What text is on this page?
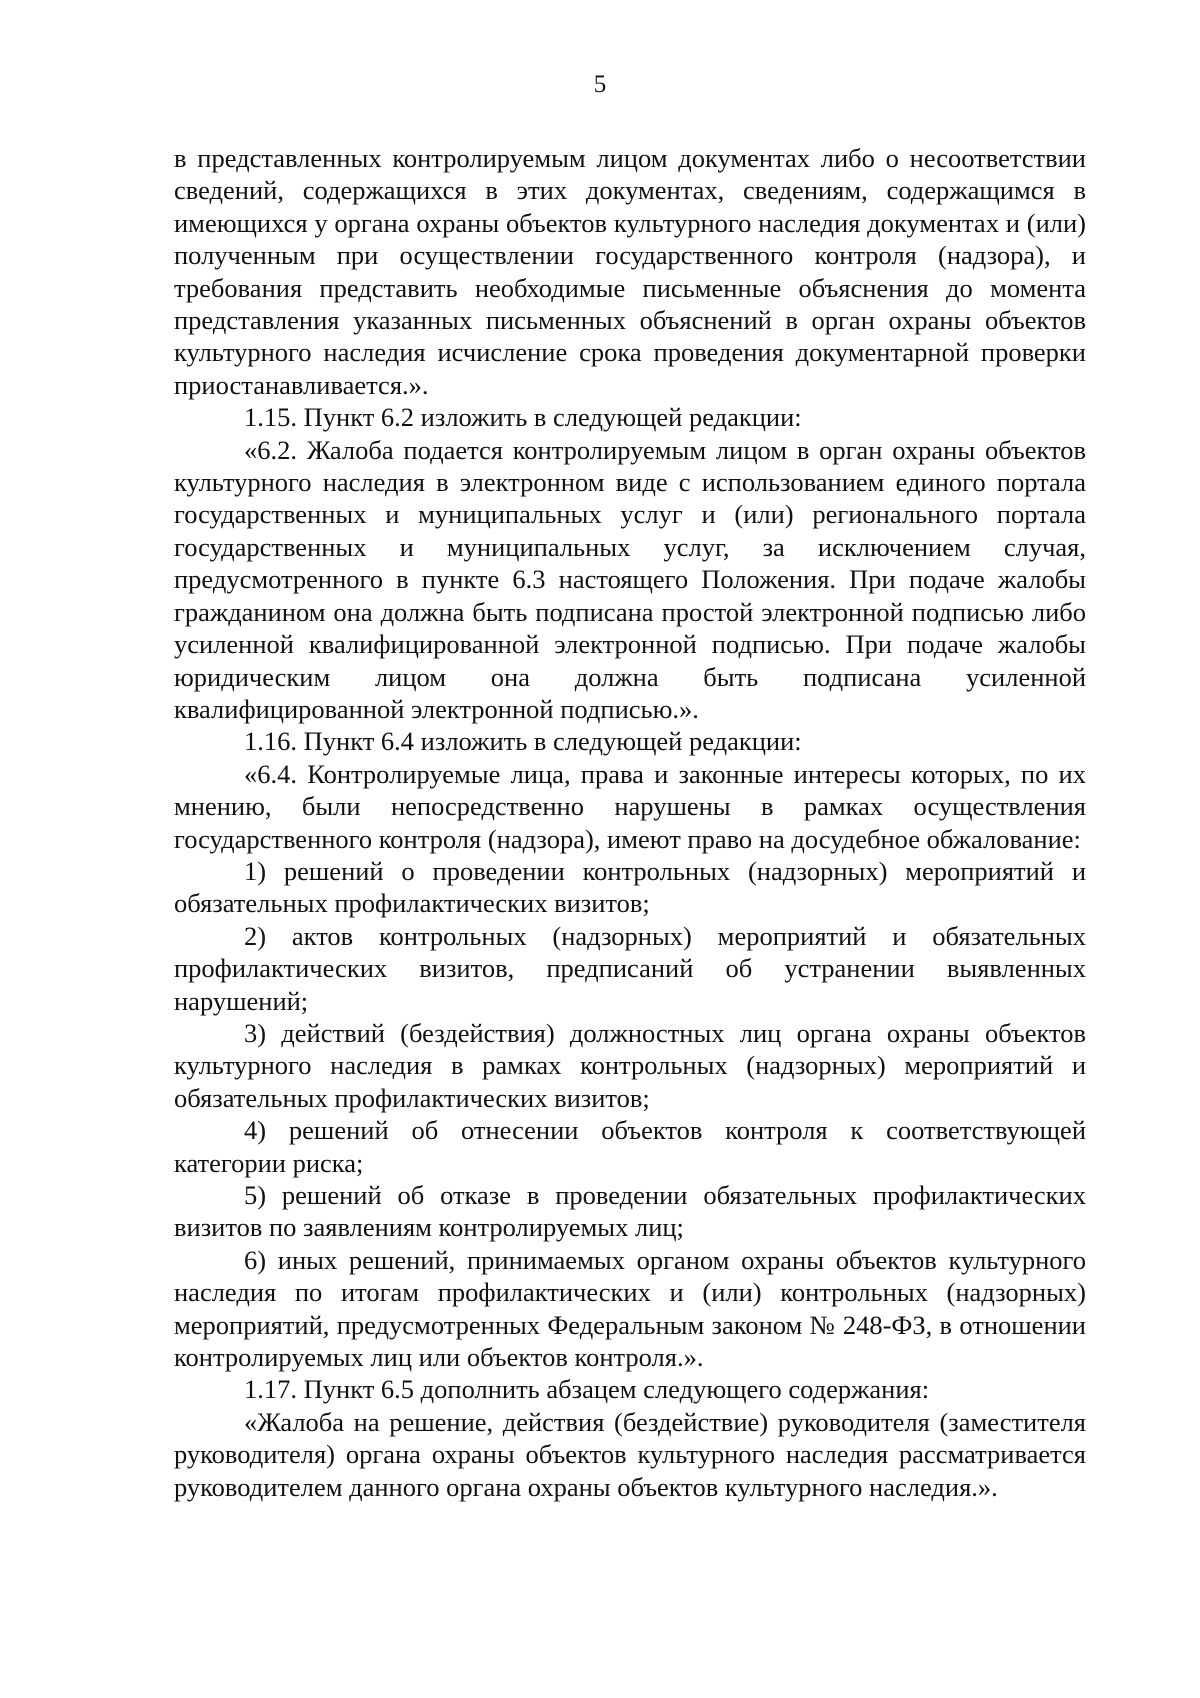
5

в представленных контролируемым лицом документах либо о несоответствии сведений, содержащихся в этих документах, сведениям, содержащимся в имеющихся у органа охраны объектов культурного наследия документах и (или) полученным при осуществлении государственного контроля (надзора), и требования представить необходимые письменные объяснения до момента представления указанных письменных объяснений в орган охраны объектов культурного наследия исчисление срока проведения документарной проверки приостанавливается.».

1.15. Пункт 6.2 изложить в следующей редакции:

«6.2. Жалоба подается контролируемым лицом в орган охраны объектов культурного наследия в электронном виде с использованием единого портала государственных и муниципальных услуг и (или) регионального портала государственных и муниципальных услуг, за исключением случая, предусмотренного в пункте 6.3 настоящего Положения. При подаче жалобы гражданином она должна быть подписана простой электронной подписью либо усиленной квалифицированной электронной подписью. При подаче жалобы юридическим лицом она должна быть подписана усиленной квалифицированной электронной подписью.».

1.16. Пункт 6.4 изложить в следующей редакции:

«6.4. Контролируемые лица, права и законные интересы которых, по их мнению, были непосредственно нарушены в рамках осуществления государственного контроля (надзора), имеют право на досудебное обжалование:

1) решений о проведении контрольных (надзорных) мероприятий и обязательных профилактических визитов;

2) актов контрольных (надзорных) мероприятий и обязательных профилактических визитов, предписаний об устранении выявленных нарушений;

3) действий (бездействия) должностных лиц органа охраны объектов культурного наследия в рамках контрольных (надзорных) мероприятий и обязательных профилактических визитов;

4) решений об отнесении объектов контроля к соответствующей категории риска;

5) решений об отказе в проведении обязательных профилактических визитов по заявлениям контролируемых лиц;

6) иных решений, принимаемых органом охраны объектов культурного наследия по итогам профилактических и (или) контрольных (надзорных) мероприятий, предусмотренных Федеральным законом № 248-ФЗ, в отношении контролируемых лиц или объектов контроля.».

1.17. Пункт 6.5 дополнить абзацем следующего содержания:

«Жалоба на решение, действия (бездействие) руководителя (заместителя руководителя) органа охраны объектов культурного наследия рассматривается руководителем данного органа охраны объектов культурного наследия.».
